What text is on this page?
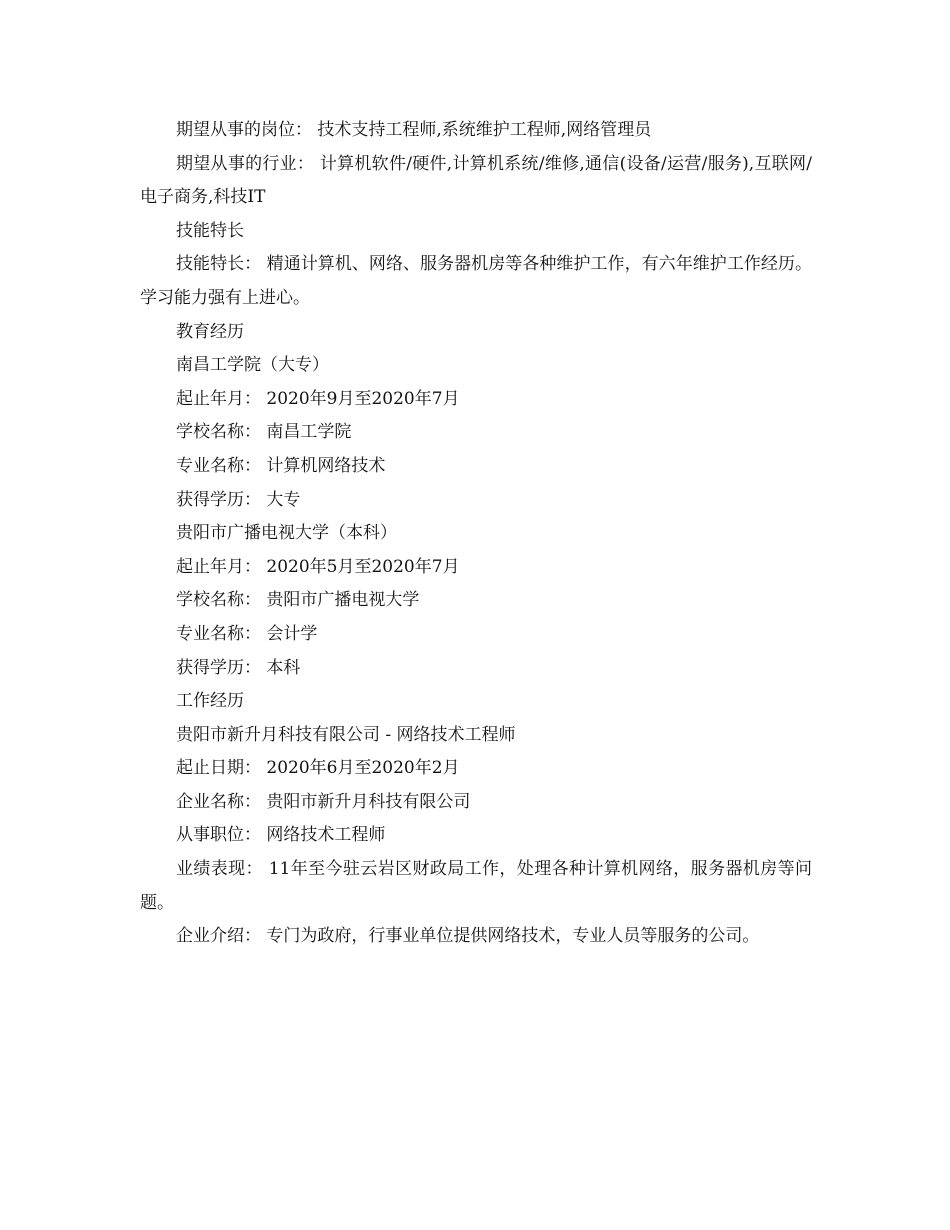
期望从事的岗位： 技术支持工程师,系统维护工程师,网络管理员

期望从事的行业： 计算机软件/硬件,计算机系统/维修,通信(设备/运营/服务),互联网/电子商务,科技IT

技能特长

技能特长： 精通计算机、网络、服务器机房等各种维护工作，有六年维护工作经历。学习能力强有上进心。

教育经历

南昌工学院（大专）

起止年月： 2020年9月至2020年7月

学校名称： 南昌工学院

专业名称： 计算机网络技术

获得学历： 大专

贵阳市广播电视大学（本科）

起止年月： 2020年5月至2020年7月

学校名称： 贵阳市广播电视大学

专业名称： 会计学

获得学历： 本科

工作经历

贵阳市新升月科技有限公司 - 网络技术工程师

起止日期： 2020年6月至2020年2月

企业名称： 贵阳市新升月科技有限公司

从事职位： 网络技术工程师

业绩表现： 11年至今驻云岩区财政局工作，处理各种计算机网络，服务器机房等问题。

企业介绍： 专门为政府，行事业单位提供网络技术，专业人员等服务的公司。
